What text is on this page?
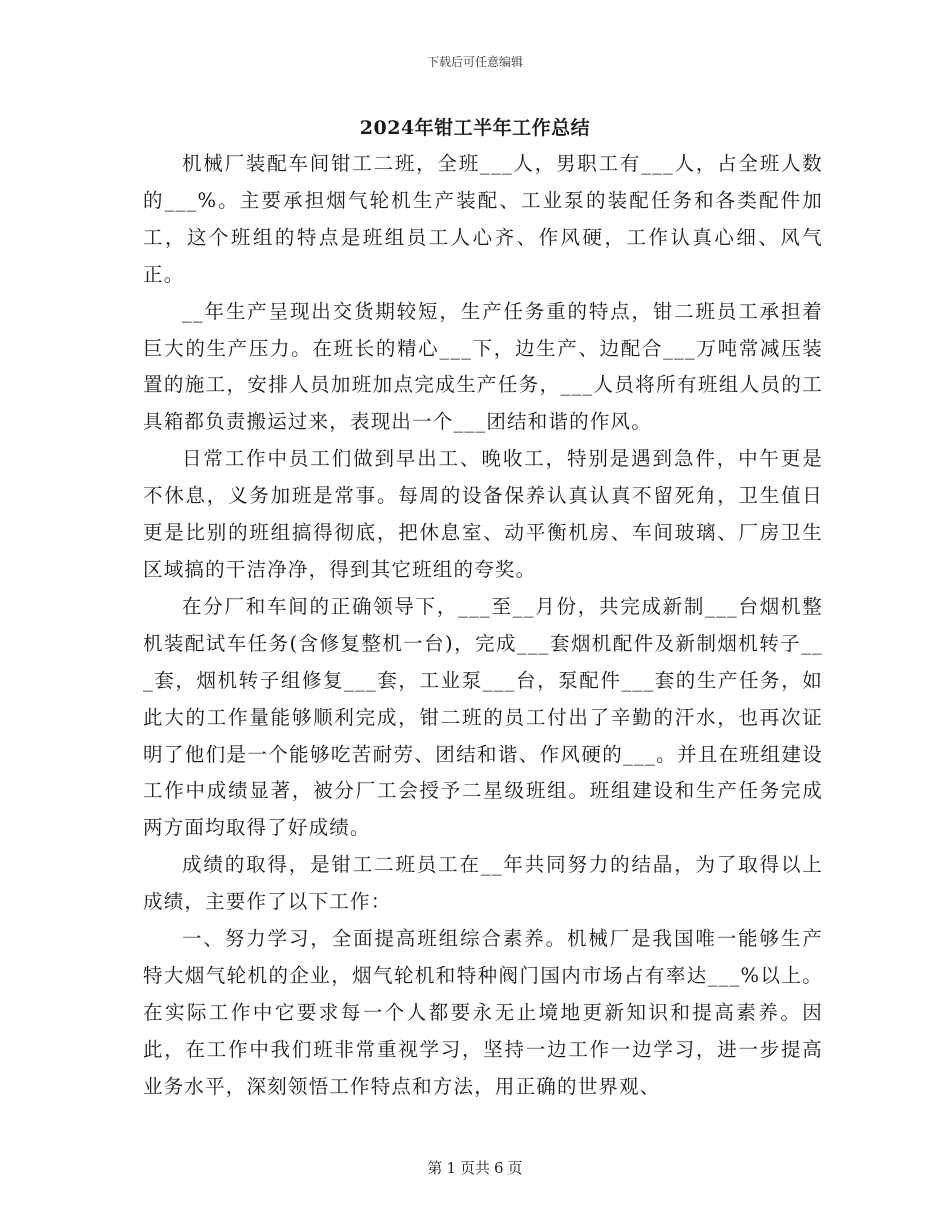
下载后可任意编辑
2024年钳工半年工作总结

机械厂装配车间钳工二班，全班___人，男职工有___人，占全班人数的___%。主要承担烟气轮机生产装配、工业泵的装配任务和各类配件加工，这个班组的特点是班组员工人心齐、作风硬，工作认真心细、风气正。

__年生产呈现出交货期较短，生产任务重的特点，钳二班员工承担着巨大的生产压力。在班长的精心___下，边生产、边配合___万吨常减压装置的施工，安排人员加班加点完成生产任务，___人员将所有班组人员的工具箱都负责搬运过来，表现出一个___团结和谐的作风。

日常工作中员工们做到早出工、晚收工，特别是遇到急件，中午更是不休息，义务加班是常事。每周的设备保养认真认真不留死角，卫生值日更是比别的班组搞得彻底，把休息室、动平衡机房、车间玻璃、厂房卫生区域搞的干洁净净，得到其它班组的夸奖。

在分厂和车间的正确领导下，___至__月份，共完成新制___台烟机整机装配试车任务(含修复整机一台)，完成___套烟机配件及新制烟机转子___套，烟机转子组修复___套，工业泵___台，泵配件___套的生产任务，如此大的工作量能够顺利完成，钳二班的员工付出了辛勤的汗水，也再次证明了他们是一个能够吃苦耐劳、团结和谐、作风硬的___。并且在班组建设工作中成绩显著，被分厂工会授予二星级班组。班组建设和生产任务完成两方面均取得了好成绩。

成绩的取得，是钳工二班员工在__年共同努力的结晶，为了取得以上成绩，主要作了以下工作：

一、努力学习，全面提高班组综合素养。机械厂是我国唯一能够生产特大烟气轮机的企业，烟气轮机和特种阀门国内市场占有率达___%以上。在实际工作中它要求每一个人都要永无止境地更新知识和提高素养。因此，在工作中我们班非常重视学习，坚持一边工作一边学习，进一步提高业务水平，深刻领悟工作特点和方法，用正确的世界观、

第 1 页共 6 页
